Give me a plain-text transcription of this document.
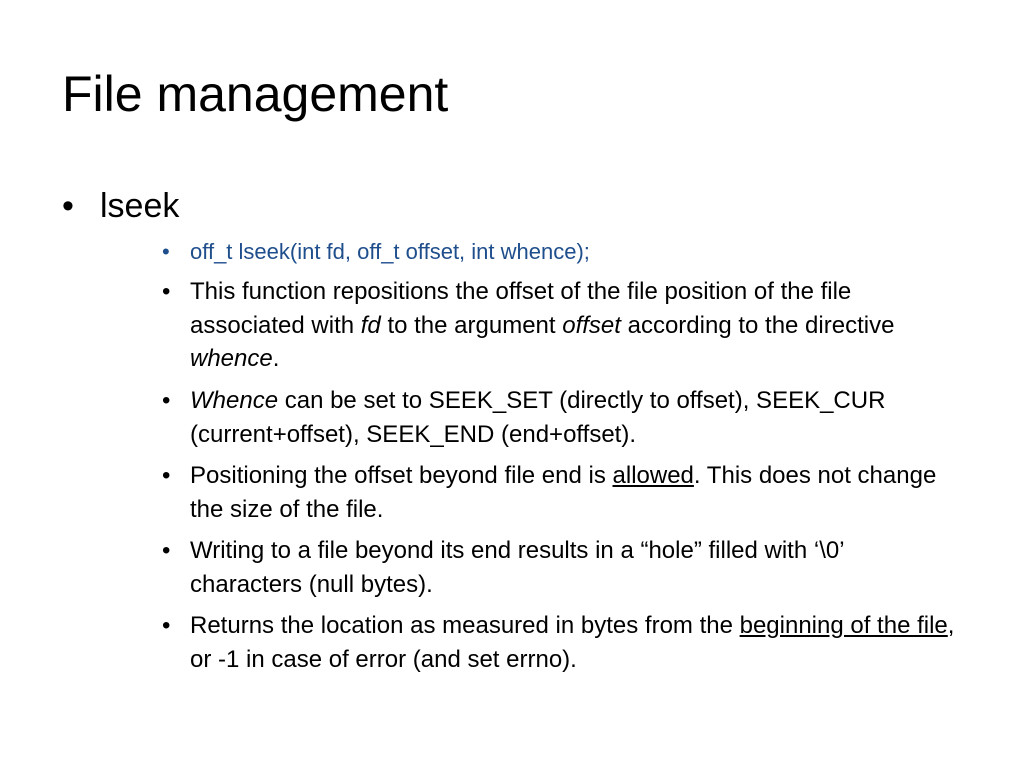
File management
• lseek
• off_t lseek(int fd, off_t offset, int whence);
• This function repositions the offset of the file position of the file associated with fd to the argument offset according to the directive whence.
• Whence can be set to SEEK_SET (directly to offset), SEEK_CUR (current+offset), SEEK_END (end+offset).
• Positioning the offset beyond file end is allowed. This does not change the size of the file.
• Writing to a file beyond its end results in a “hole” filled with ‘\0’ characters (null bytes).
• Returns the location as measured in bytes from the beginning of the file, or -1 in case of error (and set errno).
